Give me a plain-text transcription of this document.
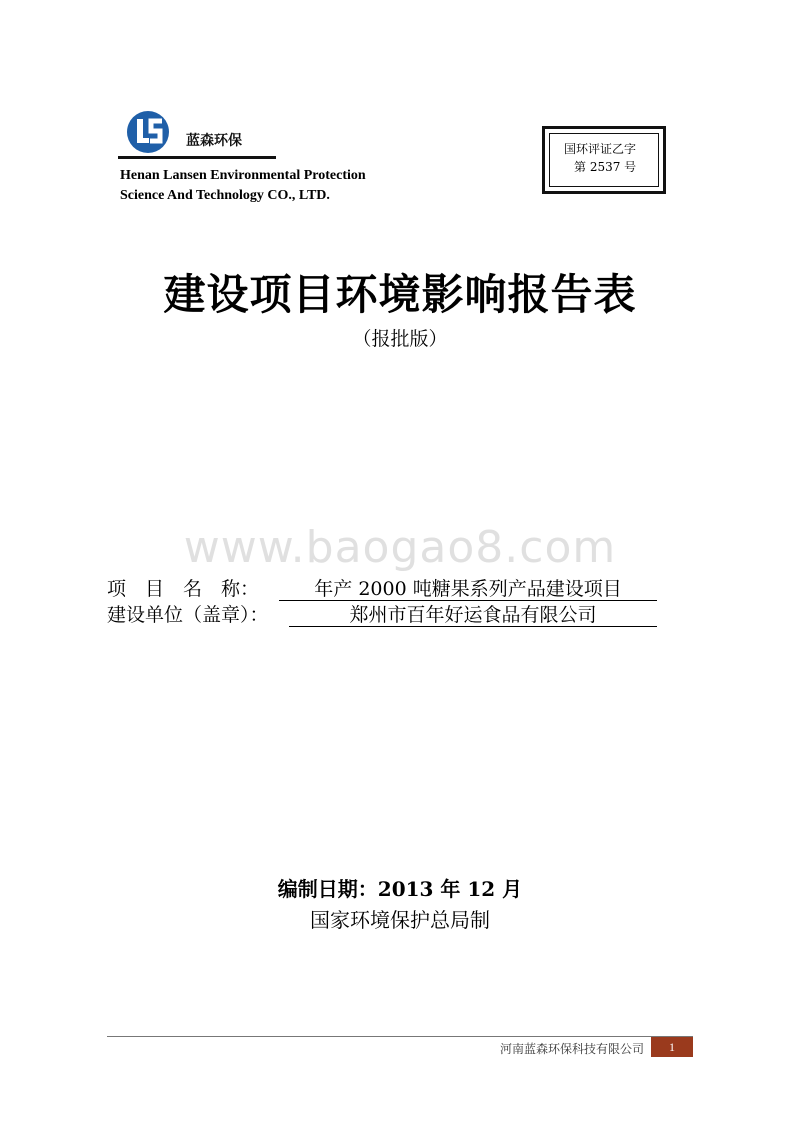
蓝森环保
Henan Lansen Environmental Protection
Science And Technology CO., LTD.
国环评证乙字
第 2537 号
建设项目环境影响报告表
（报批版）
www.baogao8.com
项　目　名　称：	年产 2000 吨糖果系列产品建设项目
建设单位（盖章）：	郑州市百年好运食品有限公司
编制日期：2013 年 12 月
国家环境保护总局制
河南蓝森环保科技有限公司	1
